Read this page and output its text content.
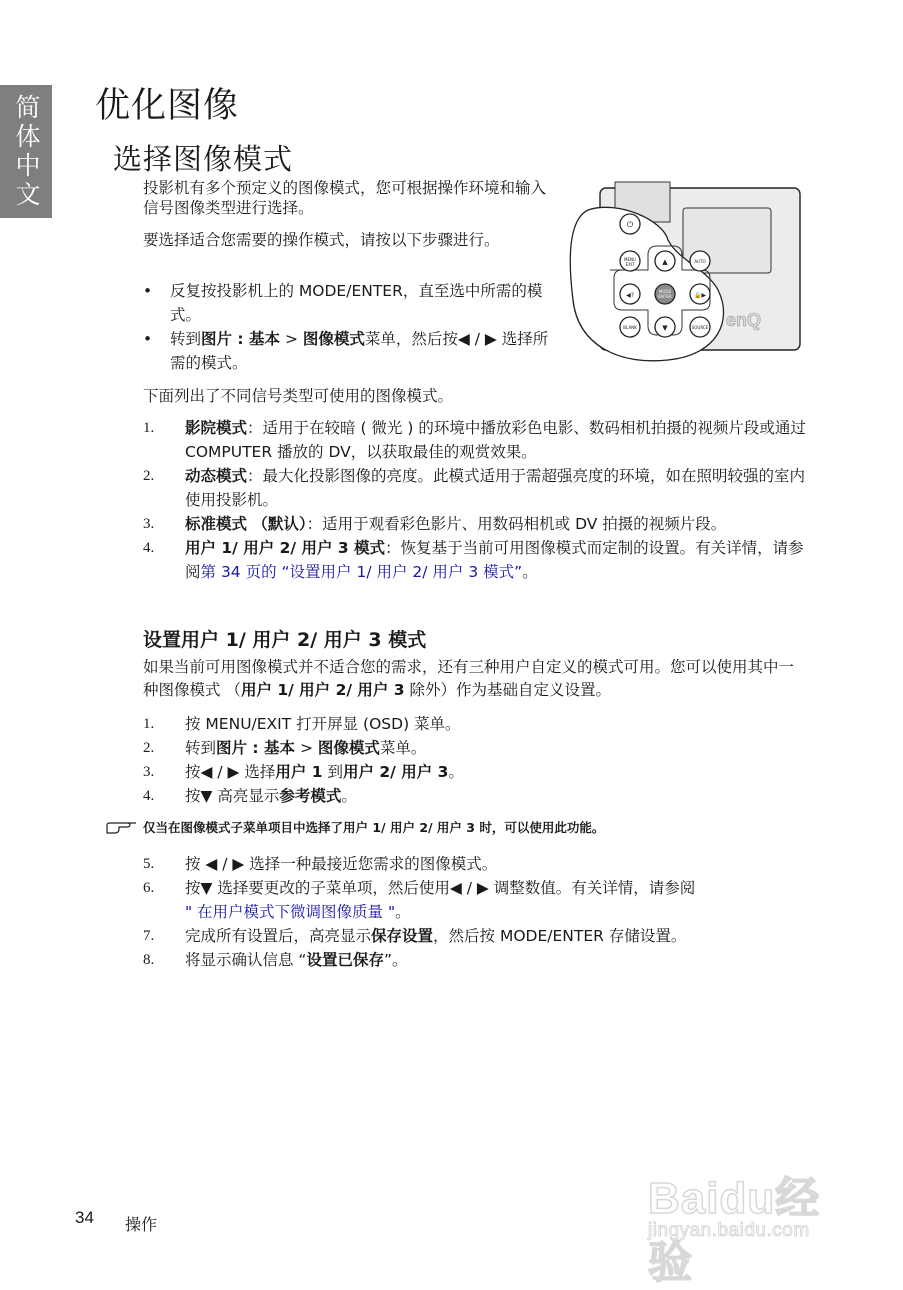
简体中文 优化图像
选择图像模式

投影机有多个预定义的图像模式，您可根据操作环境和输入信号图像类型进行选择。

要选择适合您需要的操作模式，请按以下步骤进行。

• 反复按投影机上的 MODE/ENTER，直至选中所需的模式。
• 转到图片 : 基本 > 图像模式菜单，然后按◀ / ▶ 选择所需的模式。
enQ
⏻
MENU
EXIT	▲	AUTO
◀?
MODE
ENTER	🔒▶
BLANK	▼	SOURCE

下面列出了不同信号类型可使用的图像模式。

1. 影院模式：适用于在较暗 ( 微光 ) 的环境中播放彩色电影、数码相机拍摄的视频片段或通过 COMPUTER 播放的 DV，以获取最佳的观赏效果。
2. 动态模式：最大化投影图像的亮度。此模式适用于需超强亮度的环境，如在照明较强的室内使用投影机。
3. 标准模式 （默认）：适用于观看彩色影片、用数码相机或 DV 拍摄的视频片段。
4. 用户 1/ 用户 2/ 用户 3 模式：恢复基于当前可用图像模式而定制的设置。有关详情，请参阅第 34 页的 “设置用户 1/ 用户 2/ 用户 3 模式”。
设置用户 1/ 用户 2/ 用户 3 模式

如果当前可用图像模式并不适合您的需求，还有三种用户自定义的模式可用。您可以使用其中一种图像模式 （用户 1/ 用户 2/ 用户 3 除外）作为基础自定义设置。

1. 按 MENU/EXIT 打开屏显 (OSD) 菜单。
2. 转到图片 : 基本 > 图像模式菜单。
3. 按◀ / ▶ 选择用户 1 到用户 2/ 用户 3。
4. 按▼ 高亮显示参考模式。
仅当在图像模式子菜单项目中选择了用户 1/ 用户 2/ 用户 3 时，可以使用此功能。
5. 按 ◀ / ▶ 选择一种最接近您需求的图像模式。
6. 按▼ 选择要更改的子菜单项，然后使用◀ / ▶ 调整数值。有关详情，请参阅
" 在用户模式下微调图像质量 "。
7. 完成所有设置后，高亮显示保存设置，然后按 MODE/ENTER 存储设置。
8. 将显示确认信息 “设置已保存”。
Baidu经验
jingyan.baidu.com
34 操作
